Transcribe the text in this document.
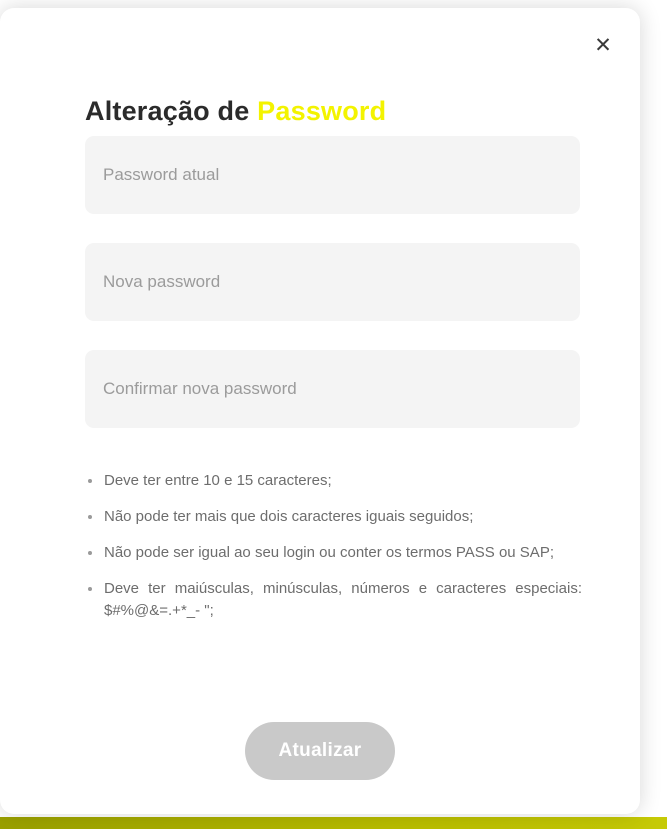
✕
Alteração de Password
Deve ter entre 10 e 15 caracteres;
Não pode ter mais que dois caracteres iguais seguidos;
Não pode ser igual ao seu login ou conter os termos PASS ou SAP;
Deve ter maiúsculas, minúsculas, números e caracteres especiais: $#%@&=.+*_- ";
Atualizar
